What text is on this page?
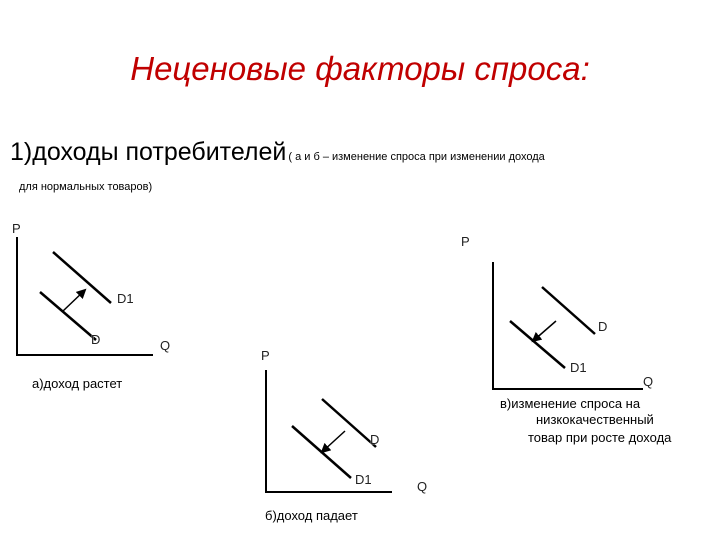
Неценовые факторы спроса:
1)доходы потребителей ( а и б – изменение спроса при изменении дохода
для нормальных товаров)
P
D1
D	Q
а)доход растет
P
D
D1	Q
б)доход падает
P
D
D1
Q
в)изменение спроса на
низкокачественный
товар при росте дохода
